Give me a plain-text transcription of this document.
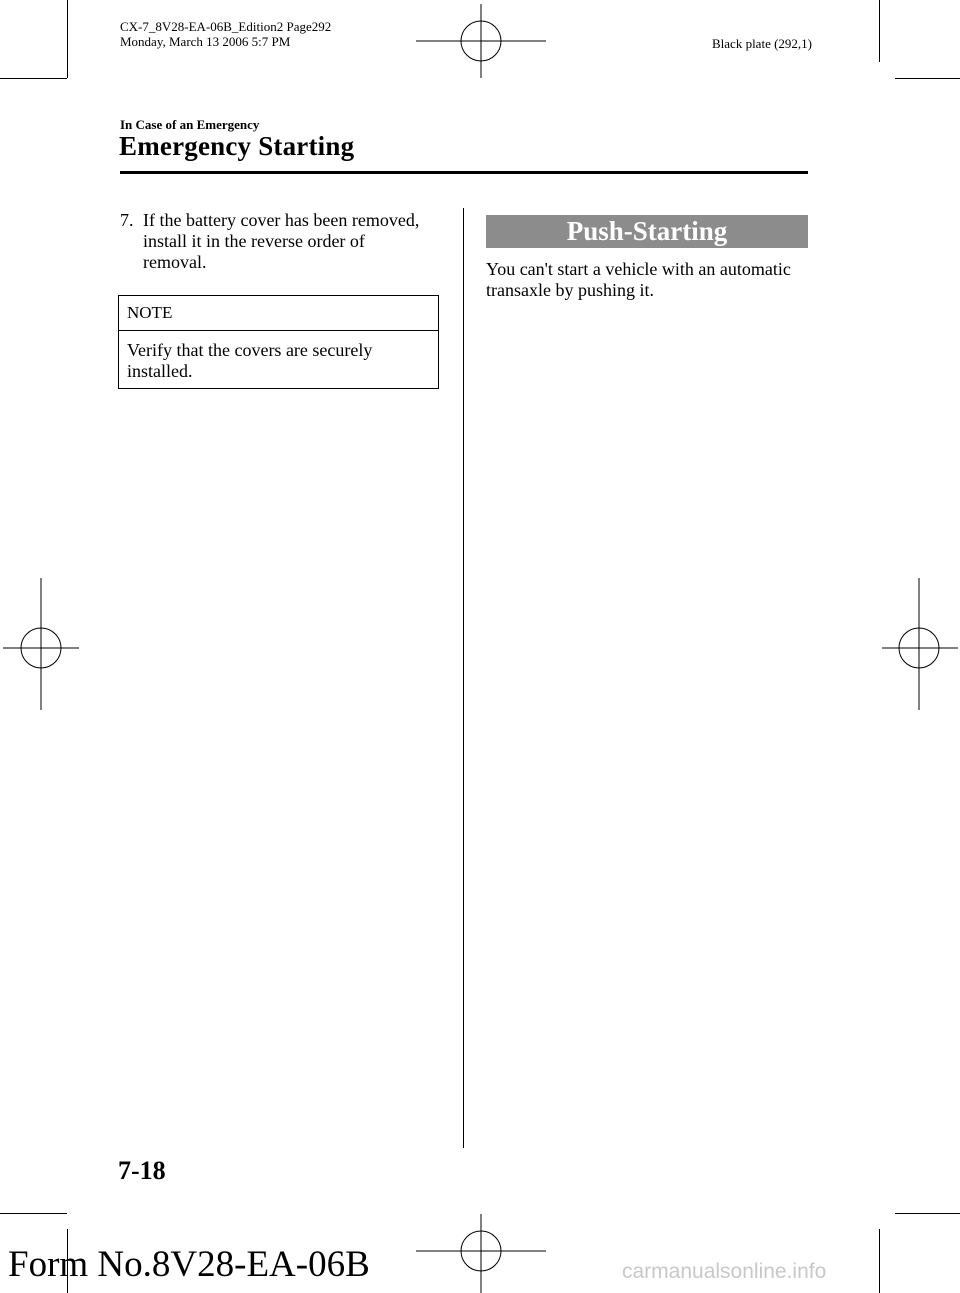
CX-7_8V28-EA-06B_Edition2 Page292
Monday, March 13 2006 5:7 PM	Black plate (292,1)
In Case of an Emergency
Emergency Starting
7. If the battery cover has been removed,
install it in the reverse order of
removal.
NOTE
Verify that the covers are securely
installed.
Push-Starting
You can't start a vehicle with an automatic
transaxle by pushing it.
7-18
Form No.8V28-EA-06B	carmanualsonline.info
